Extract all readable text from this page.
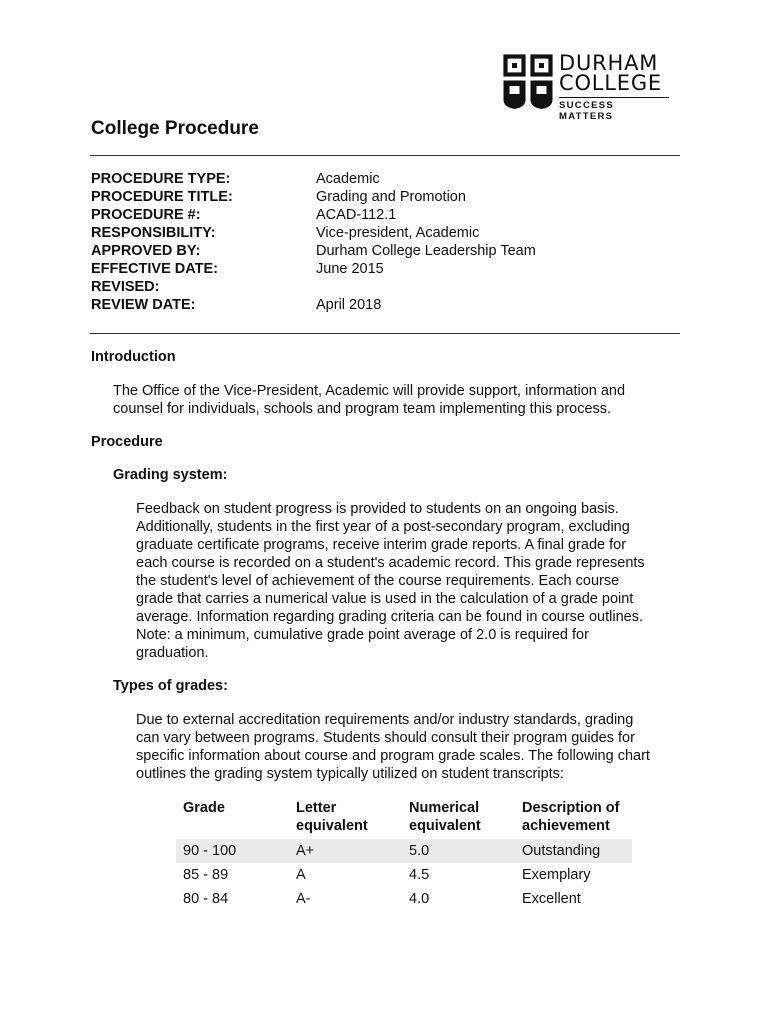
DURHAM
COLLEGE
SUCCESS MATTERS
College Procedure
PROCEDURE TYPE:	Academic
PROCEDURE TITLE:	Grading and Promotion
PROCEDURE #:	ACAD-112.1
RESPONSIBILITY:	Vice-president, Academic
APPROVED BY:	Durham College Leadership Team
EFFECTIVE DATE:	June 2015
REVISED:
REVIEW DATE:	April 2018
Introduction
The Office of the Vice-President, Academic will provide support, information and
counsel for individuals, schools and program team implementing this process.
Procedure
Grading system:
Feedback on student progress is provided to students on an ongoing basis.
Additionally, students in the first year of a post-secondary program, excluding
graduate certificate programs, receive interim grade reports. A final grade for
each course is recorded on a student's academic record. This grade represents
the student's level of achievement of the course requirements. Each course
grade that carries a numerical value is used in the calculation of a grade point
average. Information regarding grading criteria can be found in course outlines.
Note: a minimum, cumulative grade point average of 2.0 is required for
graduation.
Types of grades:
Due to external accreditation requirements and/or industry standards, grading
can vary between programs. Students should consult their program guides for
specific information about course and program grade scales. The following chart
outlines the grading system typically utilized on student transcripts:
Grade	Letter equivalent	Numerical equivalent	Description of achievement
90 - 100	A+	5.0	Outstanding
85 - 89	A	4.5	Exemplary
80 - 84	A-	4.0	Excellent
